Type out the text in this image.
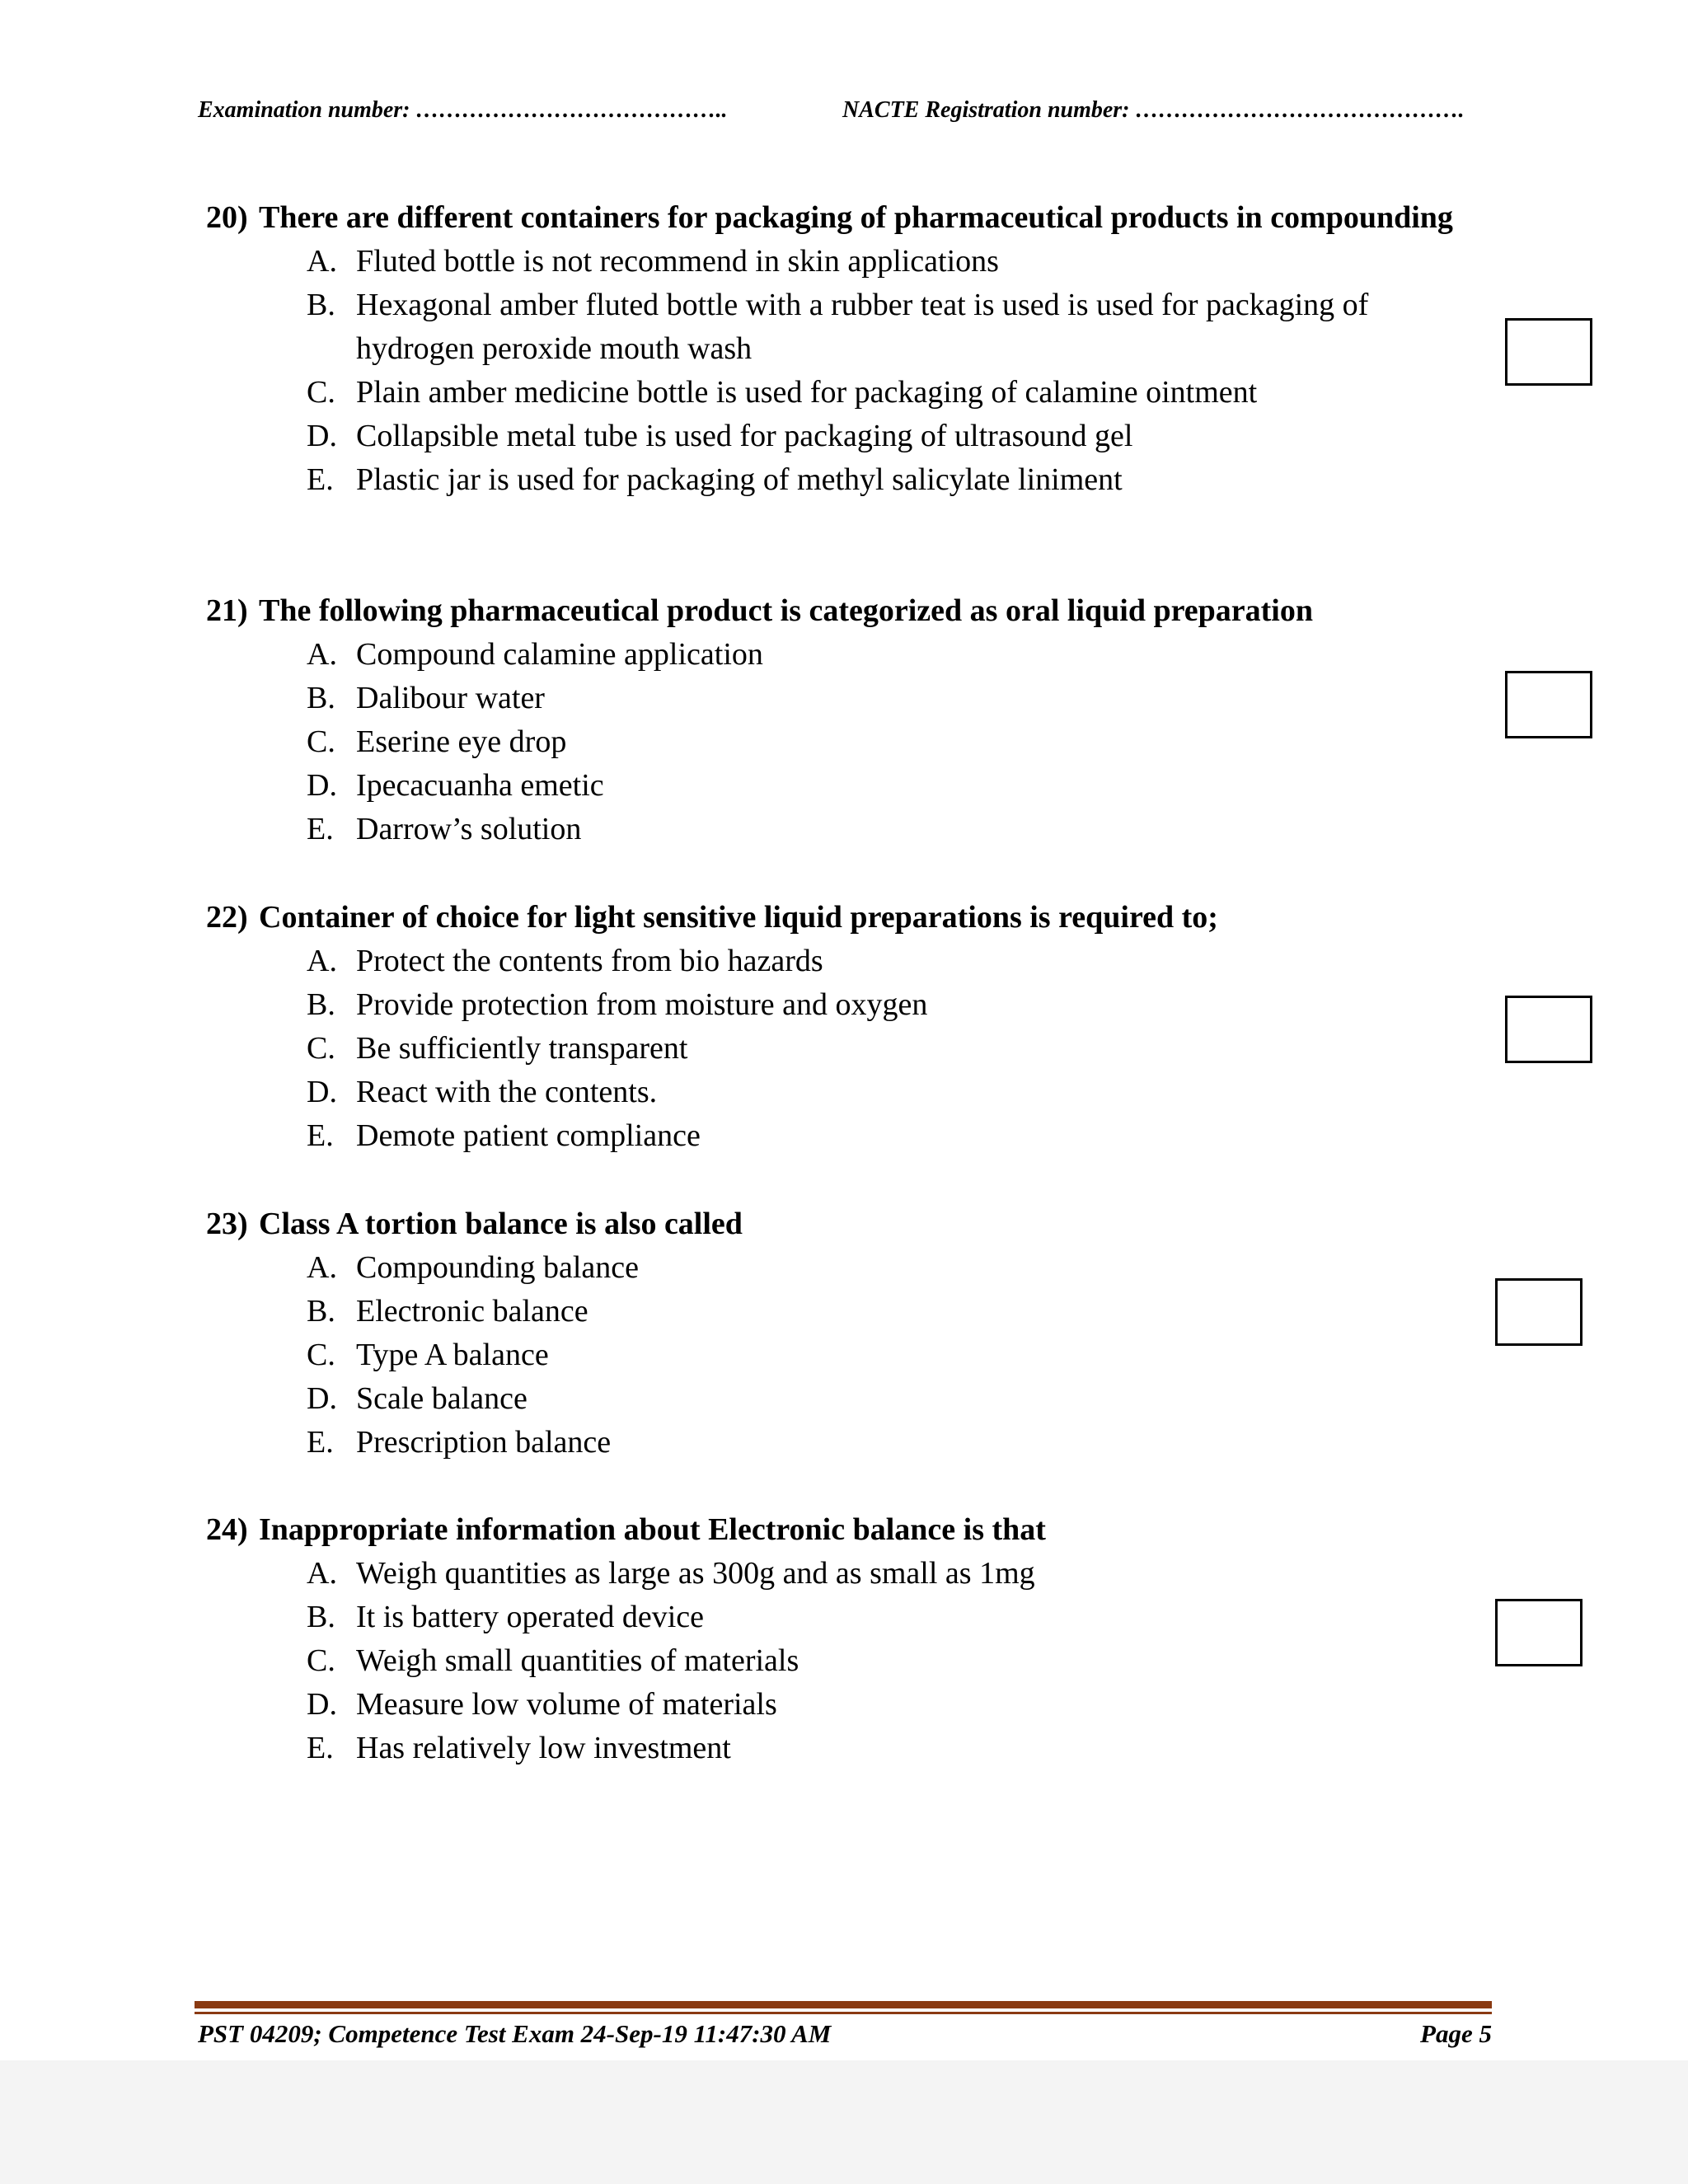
Examination number: …………………………………..	NACTE Registration number: …………………………………….
20) There are different containers for packaging of pharmaceutical products in compounding
A. Fluted bottle is not recommend in skin applications
B. Hexagonal amber fluted bottle with a rubber teat is used is used for packaging of hydrogen peroxide mouth wash
C. Plain amber medicine bottle is used for packaging of calamine ointment
D. Collapsible metal tube is used for packaging of ultrasound gel
E. Plastic jar is used for packaging of methyl salicylate liniment
21) The following pharmaceutical product is categorized as oral liquid preparation
A. Compound calamine application
B. Dalibour water
C. Eserine eye drop
D. Ipecacuanha emetic
E. Darrow’s solution
22) Container of choice for light sensitive liquid preparations is required to;
A. Protect the contents from bio hazards
B. Provide protection from moisture and oxygen
C. Be sufficiently transparent
D. React with the contents.
E. Demote patient compliance
23) Class A tortion balance is also called
A. Compounding balance
B. Electronic balance
C. Type A balance
D. Scale balance
E. Prescription balance
24) Inappropriate information about Electronic balance is that
A. Weigh quantities as large as 300g and as small as 1mg
B. It is battery operated device
C. Weigh small quantities of materials
D. Measure low volume of materials
E. Has relatively low investment
PST 04209; Competence Test Exam 24-Sep-19 11:47:30 AM	Page 5
